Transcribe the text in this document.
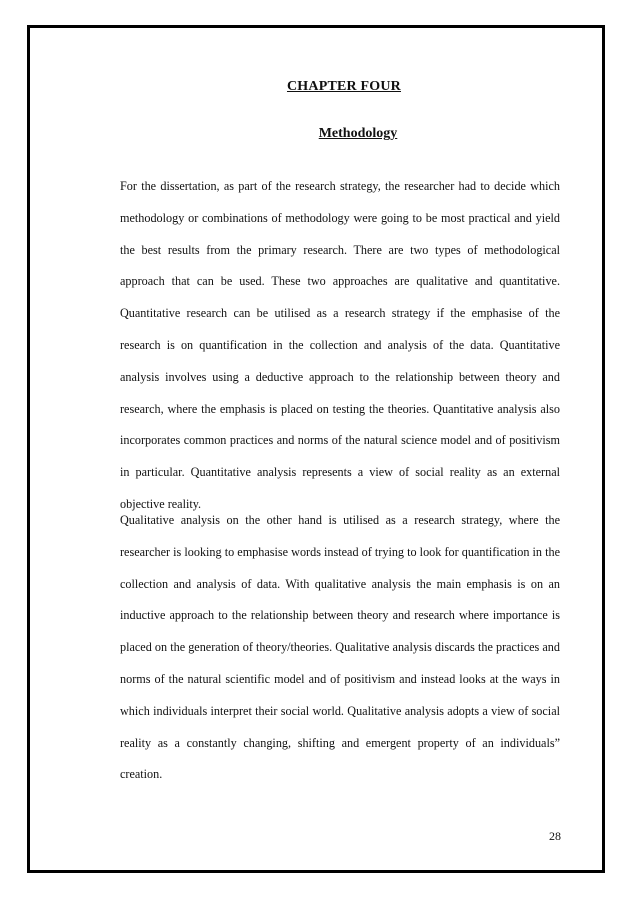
CHAPTER FOUR
Methodology

For the dissertation, as part of the research strategy, the researcher had to decide which methodology or combinations of methodology were going to be most practical and yield the best results from the primary research. There are two types of methodological approach that can be used. These two approaches are qualitative and quantitative. Quantitative research can be utilised as a research strategy if the emphasise of the research is on quantification in the collection and analysis of the data. Quantitative analysis involves using a deductive approach to the relationship between theory and research, where the emphasis is placed on testing the theories. Quantitative analysis also incorporates common practices and norms of the natural science model and of positivism in particular. Quantitative analysis represents a view of social reality as an external objective reality.

Qualitative analysis on the other hand is utilised as a research strategy, where the researcher is looking to emphasise words instead of trying to look for quantification in the collection and analysis of data. With qualitative analysis the main emphasis is on an inductive approach to the relationship between theory and research where importance is placed on the generation of theory/theories. Qualitative analysis discards the practices and norms of the natural scientific model and of positivism and instead looks at the ways in which individuals interpret their social world. Qualitative analysis adopts a view of social reality as a constantly changing, shifting and emergent property of an individuals” creation.

28
